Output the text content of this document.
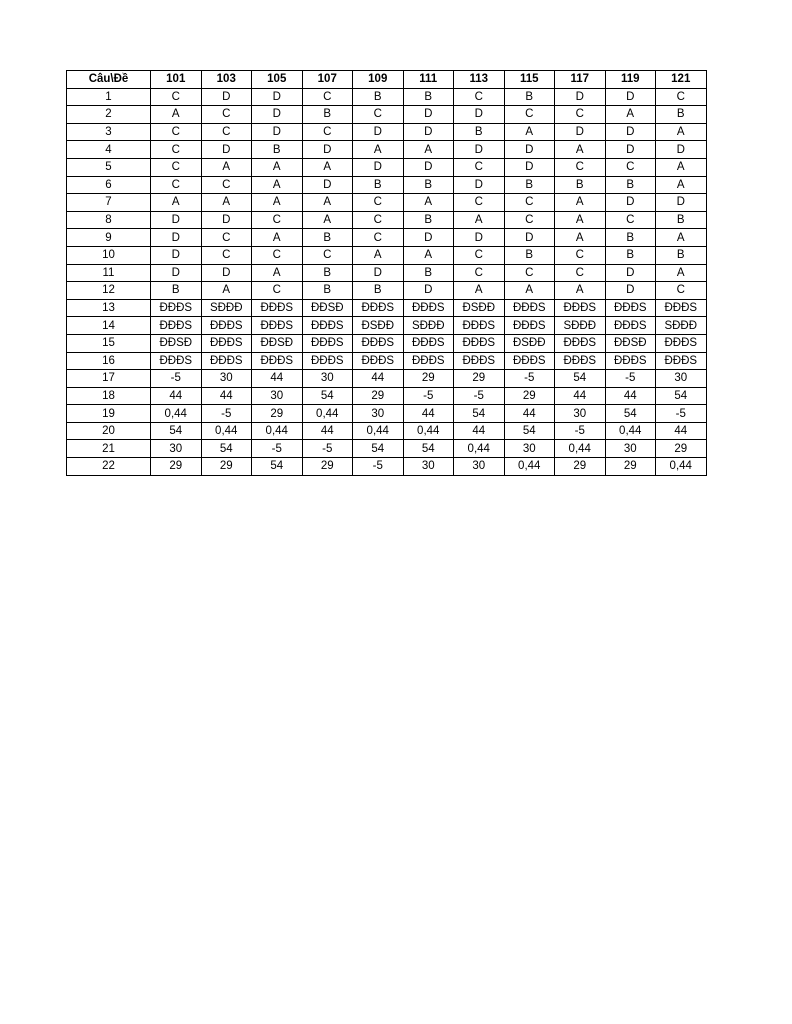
Câu\Đề	101	103	105	107	109	111	113	115	117	119	121
1	C	D	D	C	B	B	C	B	D	D	C
2	A	C	D	B	C	D	D	C	C	A	B
3	C	C	D	C	D	D	B	A	D	D	A
4	C	D	B	D	A	A	D	D	A	D	D
5	C	A	A	A	D	D	C	D	C	C	A
6	C	C	A	D	B	B	D	B	B	B	A
7	A	A	A	A	C	A	C	C	A	D	D
8	D	D	C	A	C	B	A	C	A	C	B
9	D	C	A	B	C	D	D	D	A	B	A
10	D	C	C	C	A	A	C	B	C	B	B
11	D	D	A	B	D	B	C	C	C	D	A
12	B	A	C	B	B	D	A	A	A	D	C
13	ĐĐĐS	SĐĐĐ	ĐĐĐS	ĐĐSĐ	ĐĐĐS	ĐĐĐS	ĐSĐĐ	ĐĐĐS	ĐĐĐS	ĐĐĐS	ĐĐĐS
14	ĐĐĐS	ĐĐĐS	ĐĐĐS	ĐĐĐS	ĐSĐĐ	SĐĐĐ	ĐĐĐS	ĐĐĐS	SĐĐĐ	ĐĐĐS	SĐĐĐ
15	ĐĐSĐ	ĐĐĐS	ĐĐSĐ	ĐĐĐS	ĐĐĐS	ĐĐĐS	ĐĐĐS	ĐSĐĐ	ĐĐĐS	ĐĐSĐ	ĐĐĐS
16	ĐĐĐS	ĐĐĐS	ĐĐĐS	ĐĐĐS	ĐĐĐS	ĐĐĐS	ĐĐĐS	ĐĐĐS	ĐĐĐS	ĐĐĐS	ĐĐĐS
17	-5	30	44	30	44	29	29	-5	54	-5	30
18	44	44	30	54	29	-5	-5	29	44	44	54
19	0,44	-5	29	0,44	30	44	54	44	30	54	-5
20	54	0,44	0,44	44	0,44	0,44	44	54	-5	0,44	44
21	30	54	-5	-5	54	54	0,44	30	0,44	30	29
22	29	29	54	29	-5	30	30	0,44	29	29	0,44
